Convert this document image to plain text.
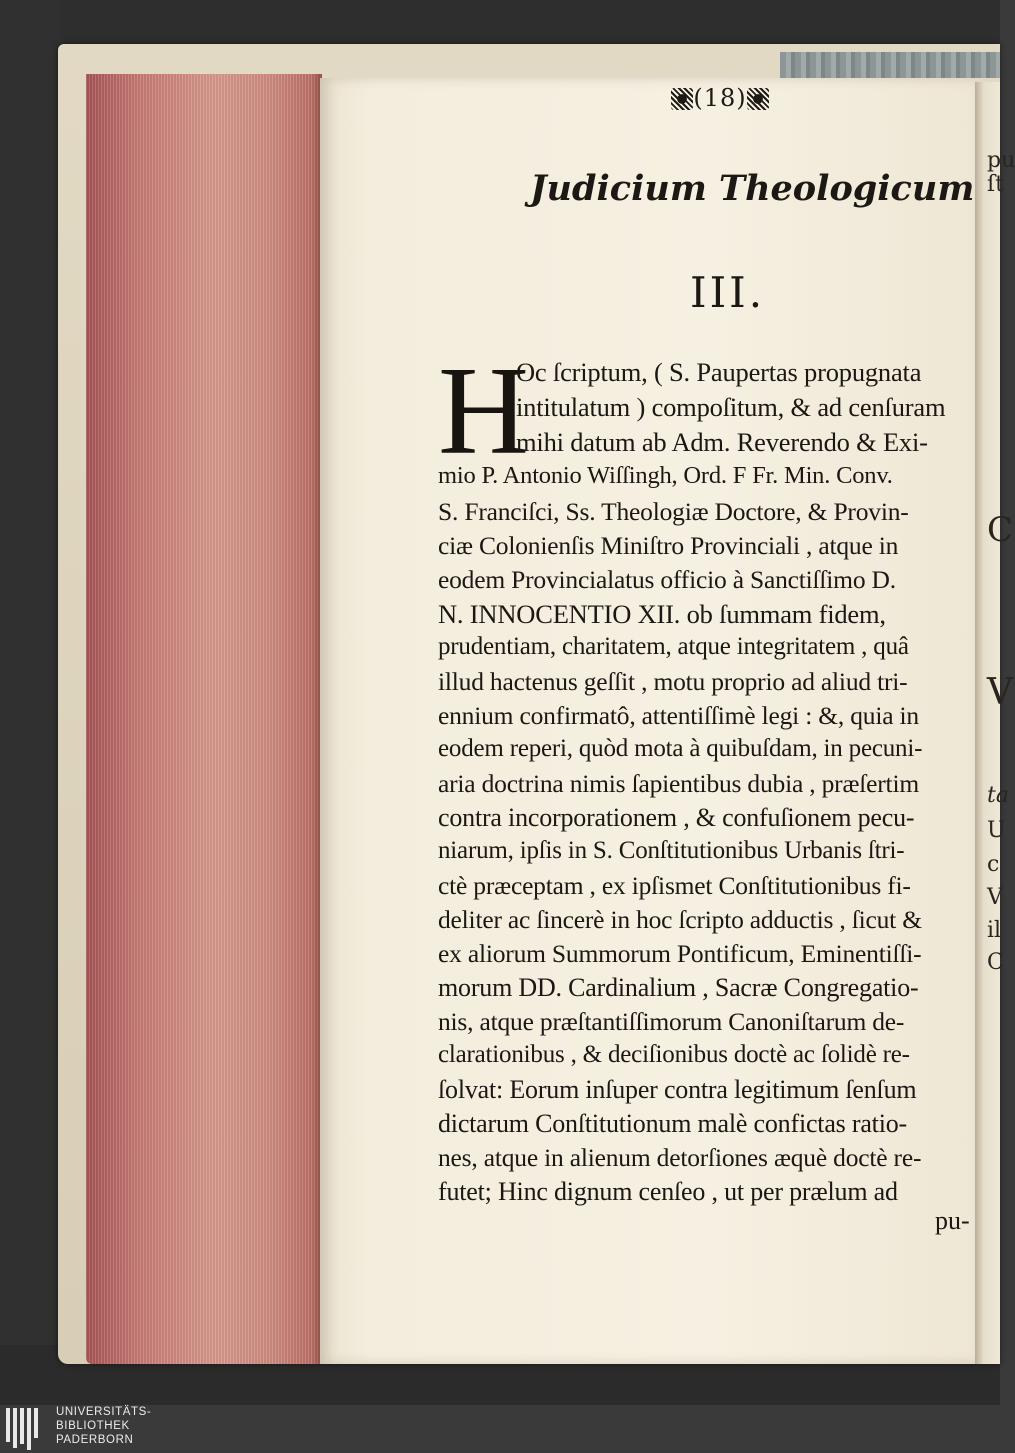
pu
ſt
C
V
ta
U
c
V
il
C
(18)
Judicium Theologicum
III.
H
Oc ſcriptum, ( S. Paupertas propugnata
intitulatum ) compoſitum, & ad cenſuram
mihi datum ab Adm. Reverendo & Exi-
mio P. Antonio Wiſſingh, Ord. F Fr. Min. Conv.
S. Franciſci, Ss. Theologiæ Doctore, & Provin-
ciæ Colonienſis Miniſtro Provinciali , atque in
eodem Provincialatus officio à Sanctiſſimo D.
N. INNOCENTIO XII. ob ſummam fidem,
prudentiam, charitatem, atque integritatem , quâ
illud hactenus geſſit , motu proprio ad aliud tri-
ennium confirmatô, attentiſſimè legi : &, quia in
eodem reperi, quòd mota à quibuſdam, in pecuni-
aria doctrina nimis ſapientibus dubia , præſertim
contra incorporationem , & confuſionem pecu-
niarum, ipſis in S. Conſtitutionibus Urbanis ſtri-
ctè præceptam , ex ipſismet Conſtitutionibus fi-
deliter ac ſincerè in hoc ſcripto adductis , ſicut &
ex aliorum Summorum Pontificum, Eminentiſſi-
morum DD. Cardinalium , Sacræ Congregatio-
nis, atque præſtantiſſimorum Canoniſtarum de-
clarationibus , & deciſionibus doctè ac ſolidè re-
ſolvat: Eorum inſuper contra legitimum ſenſum
dictarum Conſtitutionum malè confictas ratio-
nes, atque in alienum detorſiones æquè doctè re-
futet; Hinc dignum cenſeo , ut per prælum ad
pu-
UNIVERSITÄTS-
BIBLIOTHEK
PADERBORN
